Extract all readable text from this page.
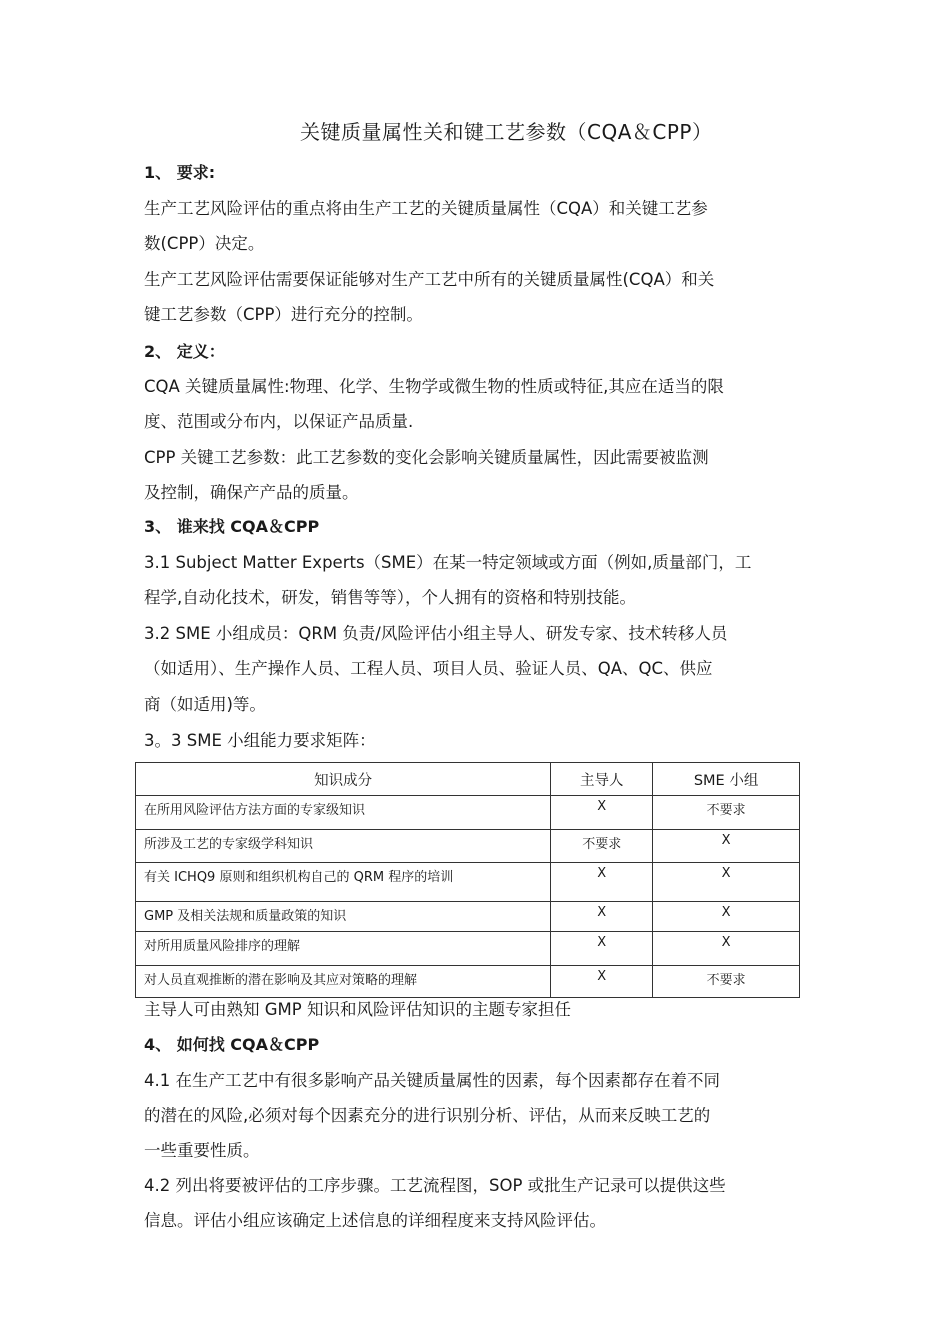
关键质量属性关和键工艺参数（CQA＆CPP）
1、 要求:
生产工艺风险评估的重点将由生产工艺的关键质量属性（CQA）和关键工艺参
数(CPP）决定。
生产工艺风险评估需要保证能够对生产工艺中所有的关键质量属性(CQA）和关
键工艺参数（CPP）进行充分的控制。
2、 定义：
CQA 关键质量属性:物理、化学、生物学或微生物的性质或特征,其应在适当的限
度、范围或分布内，以保证产品质量.
CPP 关键工艺参数：此工艺参数的变化会影响关键质量属性，因此需要被监测
及控制，确保产产品的质量。
3、 谁来找 CQA＆CPP
3.1 Subject Matter Experts（SME）在某一特定领域或方面（例如,质量部门，工
程学,自动化技术，研发，销售等等），个人拥有的资格和特别技能。
3.2 SME 小组成员：QRM 负责/风险评估小组主导人、研发专家、技术转移人员
（如适用）、生产操作人员、工程人员、项目人员、验证人员、QA、QC、供应
商（如适用)等。
3。3 SME 小组能力要求矩阵：
知识成分	主导人	SME 小组
在所用风险评估方法方面的专家级知识	X	不要求
所涉及工艺的专家级学科知识	不要求	X
有关 ICHQ9 原则和组织机构自己的 QRM 程序的培训	X	X
GMP 及相关法规和质量政策的知识	X	X
对所用质量风险排序的理解	X	X
对人员直观推断的潜在影响及其应对策略的理解	X	不要求
主导人可由熟知 GMP 知识和风险评估知识的主题专家担任
4、 如何找 CQA＆CPP
4.1 在生产工艺中有很多影响产品关键质量属性的因素，每个因素都存在着不同
的潜在的风险,必须对每个因素充分的进行识别分析、评估，从而来反映工艺的
一些重要性质。
4.2 列出将要被评估的工序步骤。工艺流程图，SOP 或批生产记录可以提供这些
信息。评估小组应该确定上述信息的详细程度来支持风险评估。
